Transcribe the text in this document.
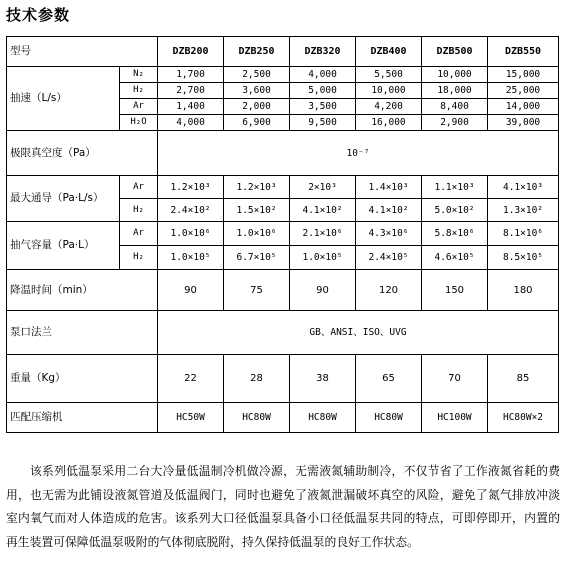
技术参数
型号		DZB200	DZB250	DZB320	DZB400	DZB500	DZB550
抽速（L/s）	N₂	1,700	2,500	4,000	5,500	10,000	15,000
	H₂	2,700	3,600	5,000	10,000	18,000	25,000
	Ar	1,400	2,000	3,500	4,200	8,400	14,000
	H₂O	4,000	6,900	9,500	16,000	2,900	39,000
极限真空度（Pa）		10⁻⁷					
最大通导（Pa·L/s）	Ar	1.2×10³	1.2×10³	2×10³	1.4×10³	1.1×10³	4.1×10³
	H₂	2.4×10²	1.5×10²	4.1×10²	4.1×10²	5.0×10²	1.3×10²
抽气容量（Pa·L）	Ar	1.0×10⁶	1.0×10⁶	2.1×10⁶	4.3×10⁶	5.8×10⁶	8.1×10⁶
	H₂	1.0×10⁵	6.7×10⁵	1.0×10⁵	2.4×10⁵	4.6×10⁵	8.5×10⁵
降温时间（min）		90	75	90	120	150	180
泵口法兰		GB、ANSI、ISO、UVG					
重量（Kg）		22	28	38	65	70	85
匹配压缩机		HC50W	HC80W	HC80W	HC80W	HC100W	HC80W×2
该系列低温泵采用二台大冷量低温制冷机做冷源，无需液氮辅助制冷，不仅节省了工作液氮省耗的费用，也无需为此铺设液氮管道及低温阀门，同时也避免了液氮泄漏破坏真空的风险，避免了氮气排放冲淡室内氧气而对人体造成的危害。该系列大口径低温泵具备小口径低温泵共同的特点，可即停即开，内置的再生装置可保障低温泵吸附的气体彻底脱附，持久保持低温泵的良好工作状态。
